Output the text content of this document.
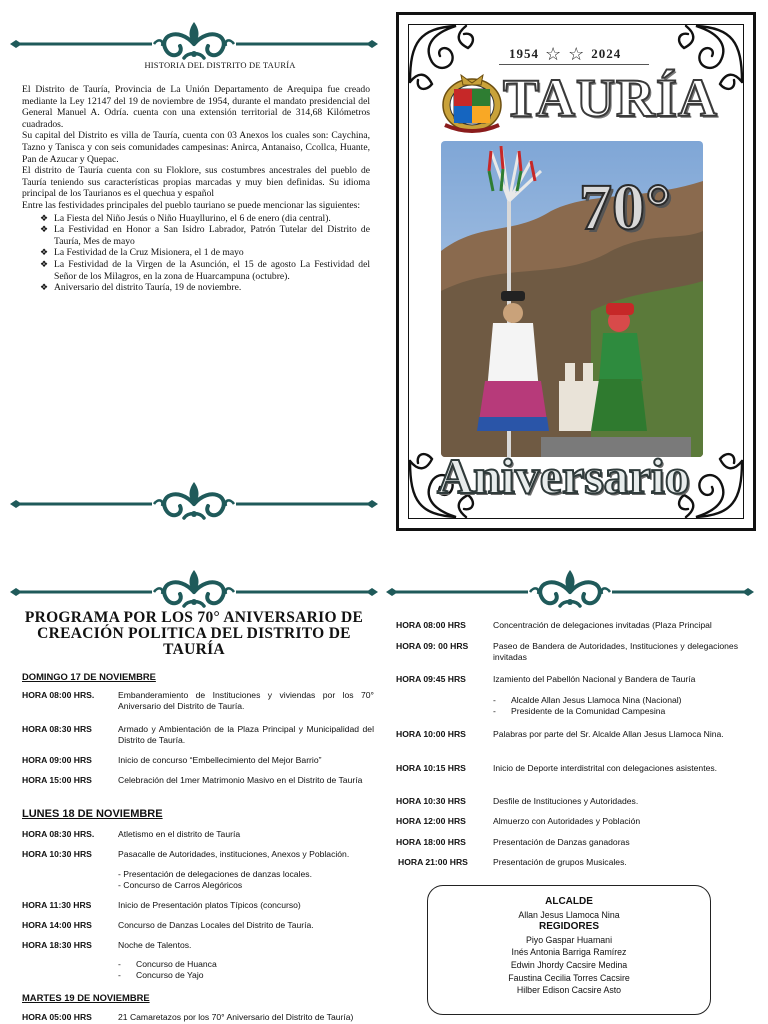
HISTORIA DEL DISTRITO DE TAURÍA

El Distrito de Tauría, Provincia de La Unión Departamento de Arequipa fue creado mediante la Ley 12147 del 19 de noviembre de 1954, durante el mandato presidencial del General Manuel A. Odría. cuenta con una extensión territorial de 314,68 Kilómetros cuadrados.

Su capital del Distrito es villa de Tauría, cuenta con 03 Anexos los cuales son: Caychina, Tazno y Tanisca y con seis comunidades campesinas: Anirca, Antanaiso, Ccollca, Huante, Pan de Azucar y Quepac.

El distrito de Tauría cuenta con su Floklore, sus costumbres ancestrales del pueblo de Tauría teniendo sus características propias marcadas y muy bien definidas. Su idioma principal de los Taurianos es el quechua y español

Entre las festividades principales del pueblo tauriano se puede mencionar las siguientes:

❖ La Fiesta del Niño Jesús o Niño Huayllurino, el 6 de enero (dia central).
❖ La Festividad en Honor a San Isidro Labrador, Patrón Tutelar del Distrito de Tauría, Mes de mayo
❖ La Festividad de la Cruz Misionera, el 1 de mayo
❖ La Festividad de la Virgen de la Asunción, el 15 de agosto La Festividad del Señor de los Milagros, en la zona de Huarcampuna (octubre).
❖ Aniversario del distrito Tauría, 19 de noviembre.
1954 ☆ ☆ 2024
TAURÍA
70°
Aniversario
PROGRAMA POR LOS 70° ANIVERSARIO DE
CREACIÓN POLITICA DEL DISTRITO DE
TAURÍA
DOMINGO 17 DE NOVIEMBRE
HORA 08:00 HRS.	Embanderamiento de Instituciones y viviendas por los 70° Aniversario del Distrito de Tauría.
HORA 08:30 HRS	Armado y Ambientación de la Plaza Principal y Municipalidad del Distrito de Tauría.
HORA 09:00 HRS	Inicio de concurso “Embellecimiento del Mejor Barrio”
HORA 15:00 HRS	Celebración del 1mer Matrimonio Masivo en el Distrito de Tauría
LUNES 18 DE NOVIEMBRE
HORA 08:30 HRS.	Atletismo en el distrito de Tauría
HORA 10:30 HRS	Pasacalle de Autoridades, instituciones, Anexos y Población.
- Presentación de delegaciones de danzas locales.
- Concurso de Carros Alegóricos
HORA 11:30 HRS	Inicio de Presentación platos Típicos (concurso)
HORA 14:00 HRS	Concurso de Danzas Locales del Distrito de Tauría.
HORA 18:30 HRS	Noche de Talentos.
-	Concurso de Huanca
-	Concurso de Yajo
MARTES 19 DE NOVIEMBRE
HORA 05:00 HRS	21 Camaretazos por los 70° Aniversario del Distrito de Tauría)
HORA 08:00 HRS	Concentración de delegaciones invitadas (Plaza Principal
HORA 09: 00 HRS	Paseo de Bandera de Autoridades, Instituciones y delegaciones invitadas
HORA 09:45 HRS	Izamiento del Pabellón Nacional y Bandera de Tauría
-	Alcalde Allan Jesus Llamoca Nina (Nacional)
-	Presidente de la Comunidad Campesina
HORA 10:00 HRS	Palabras por parte del Sr. Alcalde Allan Jesus Llamoca Nina.
HORA 10:15 HRS	Inicio de Deporte interdistrital con delegaciones asistentes.
HORA 10:30 HRS	Desfile de Instituciones y Autoridades.
HORA 12:00 HRS	Almuerzo con Autoridades y Población
HORA 18:00 HRS	Presentación de Danzas ganadoras
HORA 21:00 HRS	Presentación de grupos Musicales.
ALCALDE
Allan Jesus Llamoca Nina
REGIDORES
Piyo Gaspar Huamani
Inés Antonia Barriga Ramírez
Edwin Jhordy Cacsire Medina
Faustina Cecilia Torres Cacsire
Hilber Edison Cacsire Asto
